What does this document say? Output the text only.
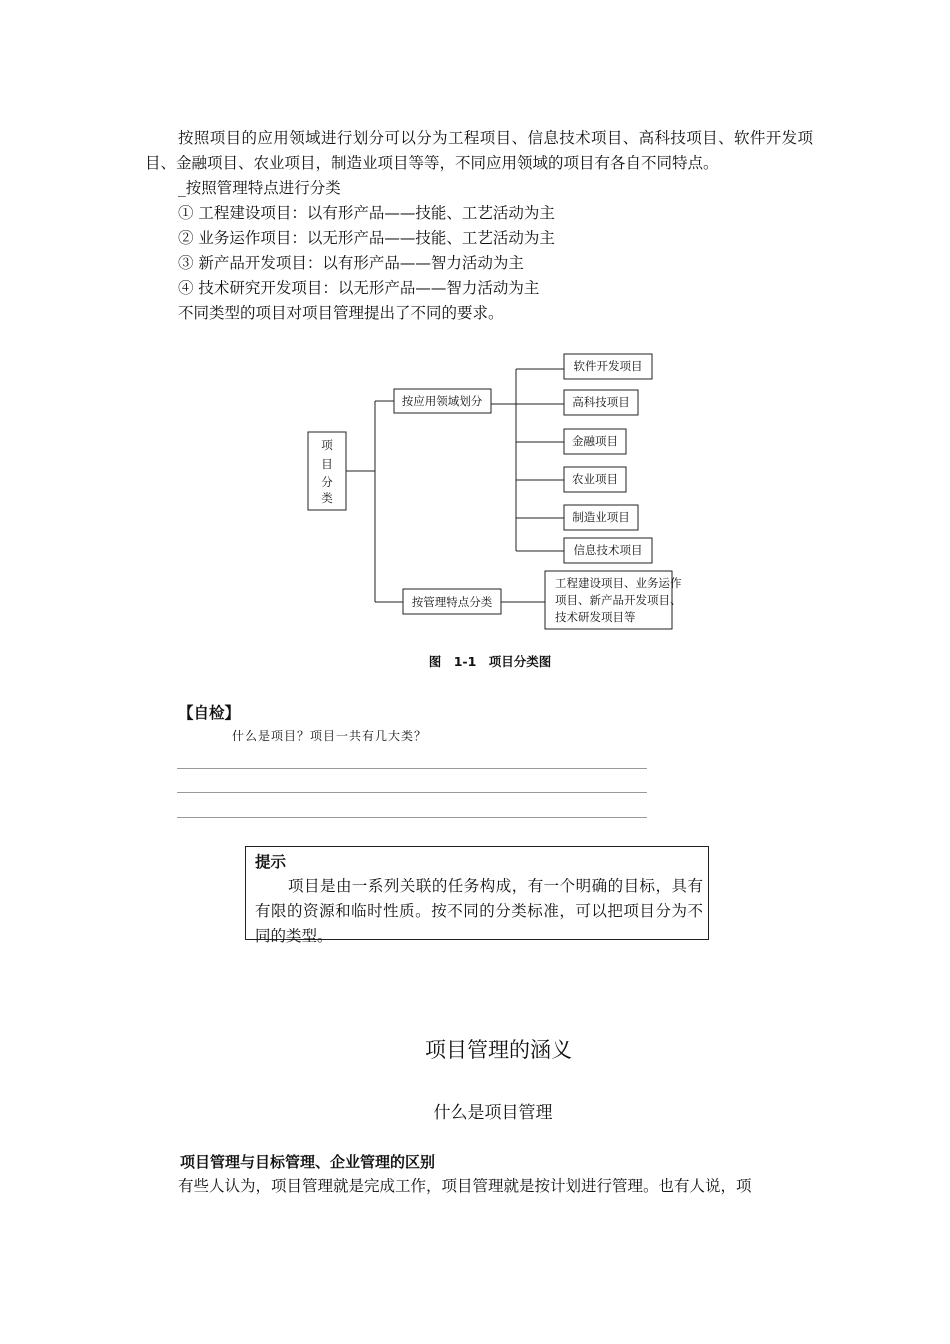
按照项目的应用领域进行划分可以分为工程项目、信息技术项目、高科技项目、软件开发项目、金融项目、农业项目，制造业项目等等，不同应用领域的项目有各自不同特点。
_按照管理特点进行分类
① 工程建设项目：以有形产品——技能、工艺活动为主
② 业务运作项目：以无形产品——技能、工艺活动为主
③ 新产品开发项目：以有形产品——智力活动为主
④ 技术研究开发项目：以无形产品——智力活动为主
不同类型的项目对项目管理提出了不同的要求。
项
目
分
类
按应用领域划分
按管理特点分类
软件开发项目
高科技项目
金融项目
农业项目
制造业项目
信息技术项目
工程建设项目、业务运作
项目、新产品开发项目、
技术研发项目等
图　1-1　项目分类图
【自检】
什么是项目？项目一共有几大类？
提示
项目是由一系列关联的任务构成，有一个明确的目标，具有有限的资源和临时性质。按不同的分类标准，可以把项目分为不同的类型。
项目管理的涵义
什么是项目管理
项目管理与目标管理、企业管理的区别
有些人认为，项目管理就是完成工作，项目管理就是按计划进行管理。也有人说，项
